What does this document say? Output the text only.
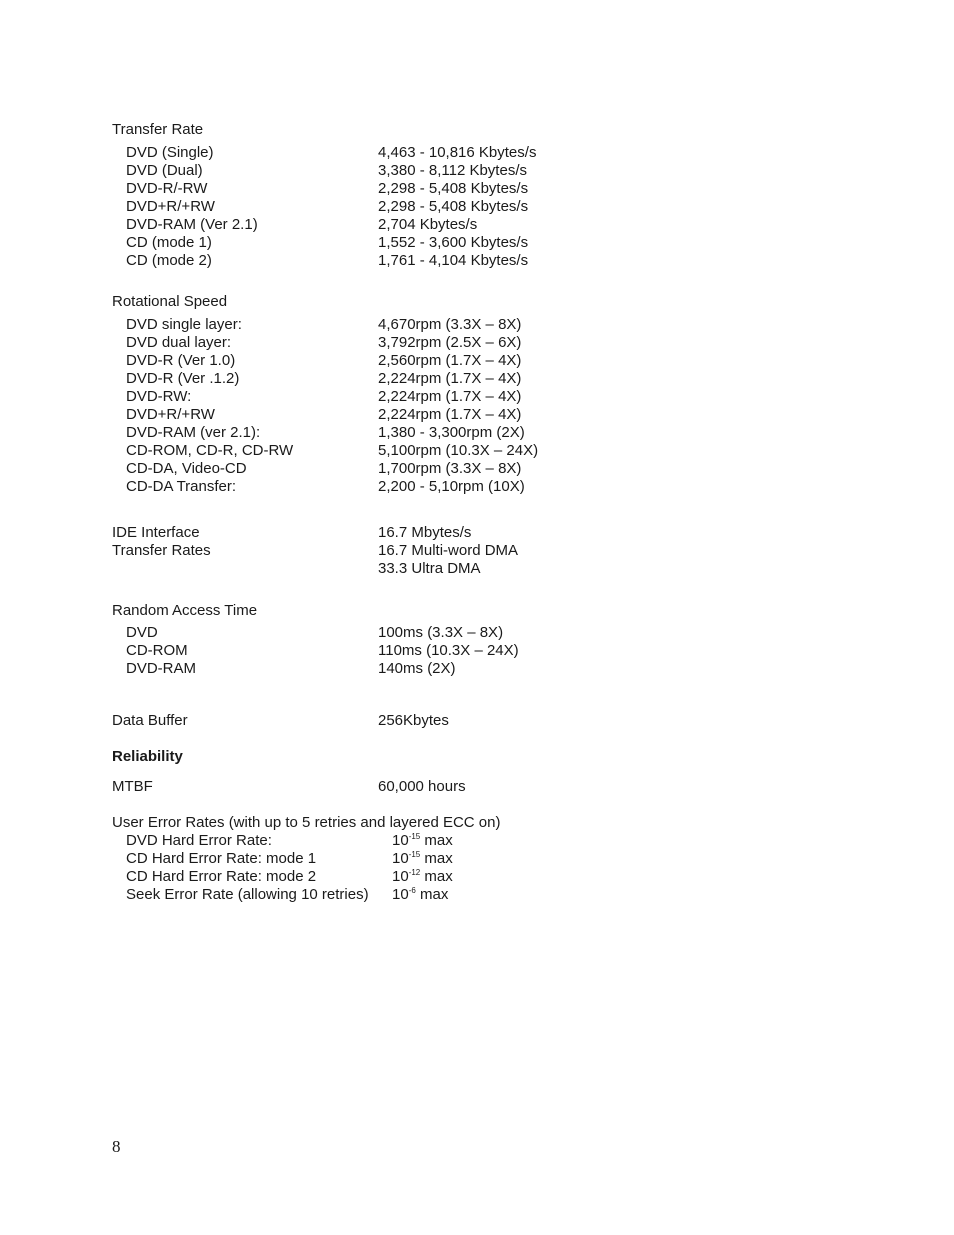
Transfer Rate
DVD (Single)	4,463 - 10,816 Kbytes/s
DVD (Dual)	3,380 - 8,112 Kbytes/s
DVD-R/-RW	2,298 - 5,408 Kbytes/s
DVD+R/+RW	2,298 - 5,408 Kbytes/s
DVD-RAM (Ver 2.1)	2,704 Kbytes/s
CD (mode 1)	1,552 - 3,600 Kbytes/s
CD (mode 2)	1,761 - 4,104 Kbytes/s
Rotational Speed
DVD single layer:	4,670rpm (3.3X – 8X)
DVD dual layer:	3,792rpm (2.5X – 6X)
DVD-R (Ver 1.0)	2,560rpm (1.7X – 4X)
DVD-R (Ver .1.2)	2,224rpm (1.7X – 4X)
DVD-RW:	2,224rpm (1.7X – 4X)
DVD+R/+RW	2,224rpm (1.7X – 4X)
DVD-RAM (ver 2.1):	1,380 - 3,300rpm (2X)
CD-ROM, CD-R, CD-RW	5,100rpm (10.3X – 24X)
CD-DA, Video-CD	1,700rpm (3.3X – 8X)
CD-DA Transfer:	2,200 - 5,10rpm (10X)
IDE Interface	16.7 Mbytes/s
Transfer Rates	16.7 Multi-word DMA
33.3 Ultra DMA
Random Access Time
DVD	100ms (3.3X – 8X)
CD-ROM	110ms (10.3X – 24X)
DVD-RAM	140ms (2X)
Data Buffer	256Kbytes
Reliability
MTBF	60,000 hours
User Error Rates (with up to 5 retries and layered ECC on)
DVD Hard Error Rate:	$10^{-15}$ max
CD Hard Error Rate: mode 1	$10^{-15}$ max
CD Hard Error Rate: mode 2	$10^{-12}$ max
Seek Error Rate (allowing 10 retries) $10^{-6}$ max
8
